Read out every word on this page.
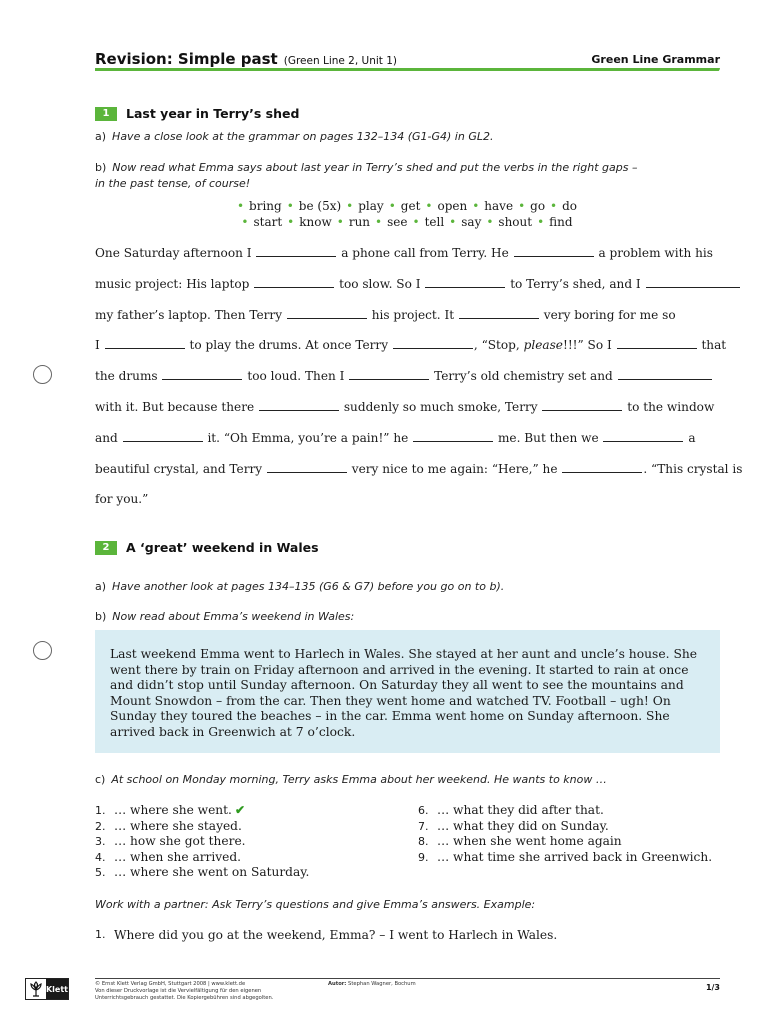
Revision: Simple past (Green Line 2, Unit 1)	Green Line Grammar
1	Last year in Terry’s shed
a) Have a close look at the grammar on pages 132–134 (G1-G4) in GL2.
b) Now read what Emma says about last year in Terry’s shed and put the verbs in the right gaps –
in the past tense, of course!
• bring • be (5x) • play • get • open • have • go • do
• start • know • run • see • tell • say • shout • find
One Saturday afternoon I	a phone call from Terry. He	a problem with his
music project: His laptop	too slow. So I	to Terry’s shed, and I
my father’s laptop. Then Terry	his project. It	very boring for me so
I	to play the drums. At once Terry	, “Stop, please!!!” So I	that
the drums	too loud. Then I	Terry’s old chemistry set and
with it. But because there	suddenly so much smoke, Terry	to the window
and	it. “Oh Emma, you’re a pain!” he	me. But then we	a
beautiful crystal, and Terry	very nice to me again: “Here,” he	. “This crystal is
for you.”
2	A ‘great’ weekend in Wales
a) Have another look at pages 134–135 (G6 & G7) before you go on to b).
b) Now read about Emma’s weekend in Wales:
Last weekend Emma went to Harlech in Wales. She stayed at her aunt and uncle’s house. She went there by train on Friday afternoon and arrived in the evening. It started to rain at once and didn’t stop until Sunday afternoon. On Saturday they all went to see the mountains and Mount Snowdon – from the car. Then they went home and watched TV. Football – ugh! On Sunday they toured the beaches – in the car. Emma went home on Sunday afternoon. She arrived back in Greenwich at 7 o’clock.
c) At school on Monday morning, Terry asks Emma about her weekend. He wants to know …
1. … where she went. ✔
2. … where she stayed.
3. … how she got there.
4. … when she arrived.
5. … where she went on Saturday.
6. … what they did after that.
7. … what they did on Sunday.
8. … when she went home again
9. … what time she arrived back in Greenwich.
Work with a partner: Ask Terry’s questions and give Emma’s answers. Example:
1. Where did you go at the weekend, Emma? – I went to Harlech in Wales.
Klett
© Ernst Klett Verlag GmbH, Stuttgart 2008 | www.klett.de
Von dieser Druckvorlage ist die Vervielfältigung für den eigenen
Unterrichtsgebrauch gestattet. Die Kopiergebühren sind abgegolten.
Autor: Stephan Wagner, Bochum	1/3
